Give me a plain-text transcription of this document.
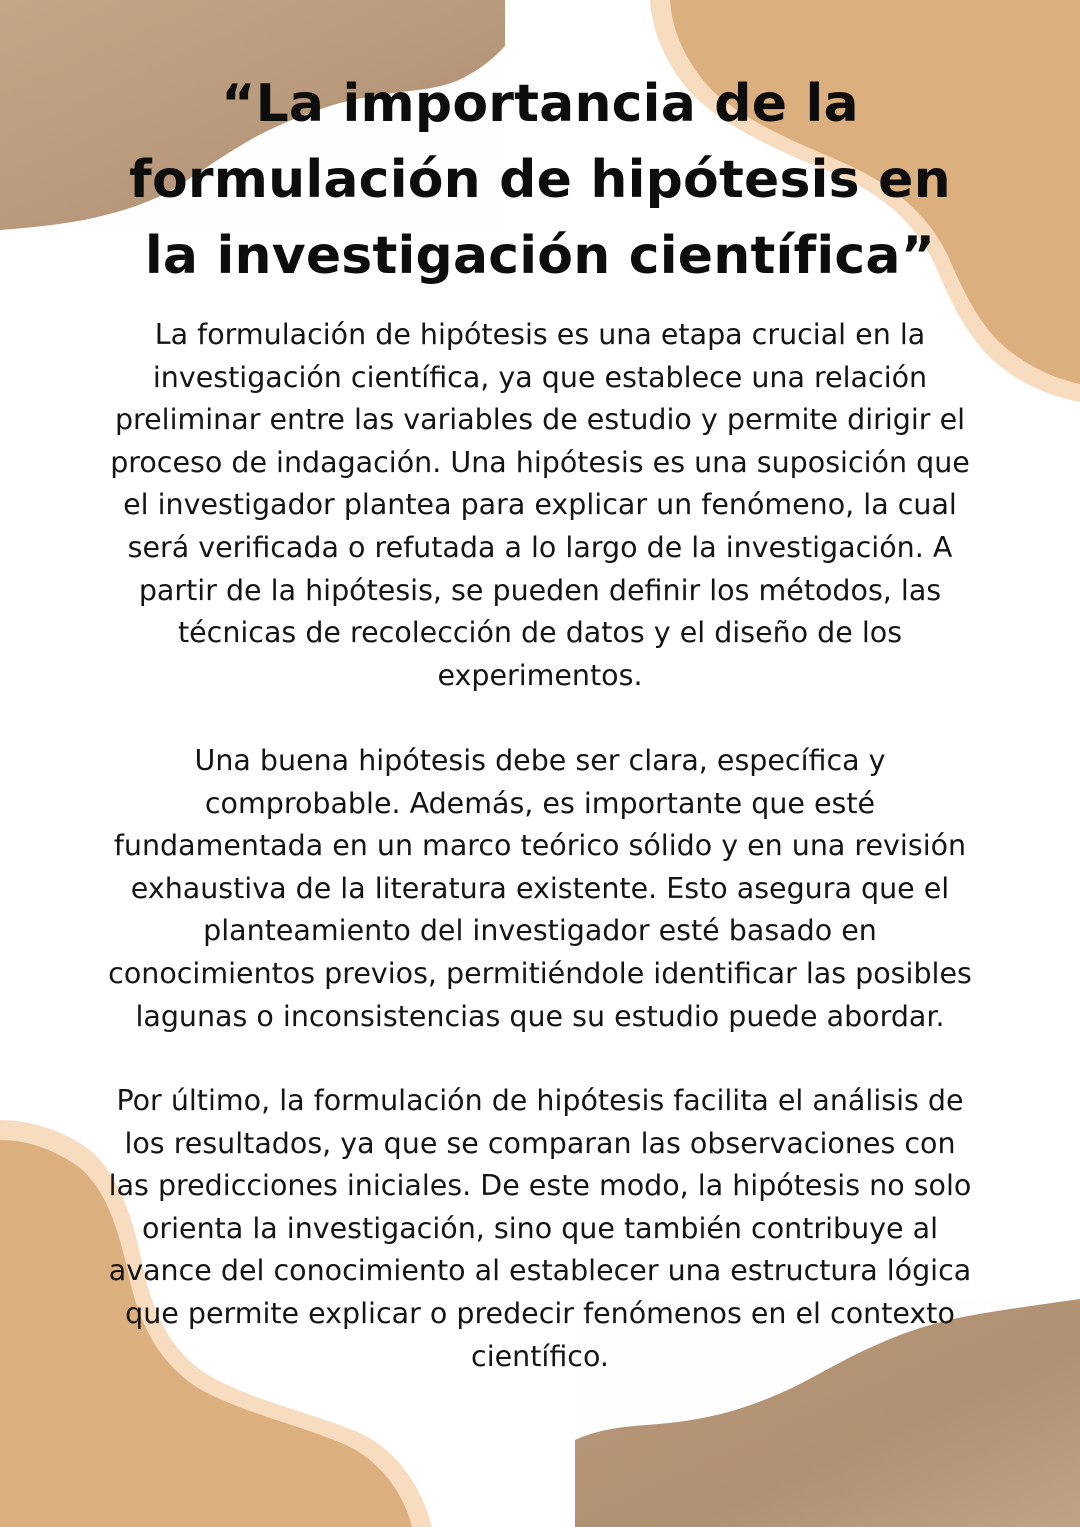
“La importancia de la formulación de hipótesis en la investigación científica”

La formulación de hipótesis es una etapa crucial en la investigación científica, ya que establece una relación preliminar entre las variables de estudio y permite dirigir el proceso de indagación. Una hipótesis es una suposición que el investigador plantea para explicar un fenómeno, la cual será verificada o refutada a lo largo de la investigación. A partir de la hipótesis, se pueden definir los métodos, las técnicas de recolección de datos y el diseño de los experimentos.

Una buena hipótesis debe ser clara, específica y comprobable. Además, es importante que esté fundamentada en un marco teórico sólido y en una revisión exhaustiva de la literatura existente. Esto asegura que el planteamiento del investigador esté basado en conocimientos previos, permitiéndole identificar las posibles lagunas o inconsistencias que su estudio puede abordar.

Por último, la formulación de hipótesis facilita el análisis de los resultados, ya que se comparan las observaciones con las predicciones iniciales. De este modo, la hipótesis no solo orienta la investigación, sino que también contribuye al avance del conocimiento al establecer una estructura lógica que permite explicar o predecir fenómenos en el contexto científico.
